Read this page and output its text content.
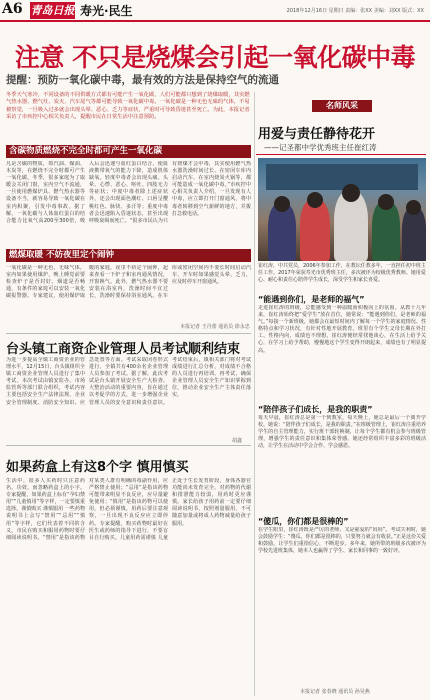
A6 青岛日报 寿光·民生	2018年12月16日 星期日 责编：张XX 美编：刘XX 版式：XX
注意 不只是烧煤会引起一氧化碳中毒
提醒：预防一氧化碳中毒，最有效的方法是保持空气的流通
冬季天气寒冷，不同设备的不同供暖方式都有可能产生一氧化碳，人们可能都只想到了烧煤取暖，其实燃气热水器、燃气灶、炭火、汽车尾气等都可能导致一氧化碳中毒。一氧化碳是一种无色无味的气体，不易被察觉，一旦吸入过多就会出现头晕、恶心、乏力等症状，严重时可导致昏迷甚至死亡。为此，本报记者采访了市疾控中心相关负责人，提醒市民在日常生活中注意预防。
含碳物质燃烧不完全时都可产生一氧化碳
凡是含碳的物质，如汽油、煤油、木炭等，在燃烧不完全时都可产生一氧化碳。冬季，很多家庭为了取暖会关闭门窗，室内空气不流通，一旦使用燃煤炉具、燃气热水器等设备不当，就容易导致一氧化碳在室内积聚，引发中毒事故。据了解，一氧化碳与人体血红蛋白的结合能力比氧气高200至300倍，吸入后会迅速与血红蛋白结合，使血液携带氧气的能力下降，造成机体缺氧。轻度中毒者会出现头痛、头晕、心悸、恶心、呕吐、四肢无力等症状；中度中毒者除上述症状外，还会出现面色潮红、口唇呈樱桃红色、脉快、多汗等；重度中毒者会迅速陷入昏迷状态，甚至出现呼吸衰竭而死亡。“很多市民认为只有烧煤才会中毒，其实使用燃气热水器洗澡时间过长、在密闭车库内启动汽车、在室内烧炭火锅等，都可能造成一氧化碳中毒。”市疾控中心相关负责人介绍，一旦发现有人中毒，应立即打开门窗通风，将中毒者转移到空气新鲜的地方，并拨打急救电话。
燃煤取暖 不妨夜里定个闹钟
一氧化碳是一种无色、无味气体，室内如果使用煤炉，晚上睡觉前要检查炉子是否封好、烟道是否畅通，有条件的家庭可以安装一氧化碳报警器。专家建议，使用煤炉取暖的家庭，夜里不妨定个闹钟，起来查看一下炉子和室内通风情况，开窗换气。此外，燃气热水器不要安装在浴室内，洗澡时间不宜过长，洗澡时要保持浴室通风。在车库或密闭空间内不要长时间启动汽车，开车时如果感觉头晕、乏力，应及时停车开窗通风。
本报记者 王丹蕾 通讯员 徐永忠
台头镇工商资企业管理人员考试顺利结束
为进一步提高全镇工商资企业的管理水平，12月15日，台头镇组织全镇工商资企业管理人员进行了集中考试。本次考试由镇安监办、市场监管所等部门联合组织，考试内容主要包括安全生产法律法规、企业安全管理制度、消防安全知识、应急处置等方面。考试采取闭卷形式进行，全镇共有400余名企业管理人员参加了考试。据了解，此次考试是台头镇开展安全生产大检查、大整治活动的重要内容，旨在通过以考促学的方式，进一步增强企业管理人员的安全意识和责任意识。考试结束后，镇相关部门将对考试成绩进行汇总分析，对成绩不合格的人员进行再培训、再考试，确保企业管理人员安全生产知识掌握到位，推动企业安全生产主体责任落实。
胡鑫
如果药盒上有这8个字 慎用慎买
生活中，很多人买药时只注意药名、功效，而忽略药盒上的小字。专家提醒，如果药盒上标有“孕妇禁用”“儿童慎用”等字样，一定要慎重选择。谨慎购买 谨慎服用 一些药物说明书上会写“禁用”“忌用”“慎用”等字样，它们代表着不同的含义，市民在购买和服用药物时要仔细阅读说明书。“禁用”是指该药物对某类人群有明确的毒副作用，应严格禁止使用；“忌用”是指该药物可能带来明显不良反应，应尽量避免使用；“慎用”是指该药物可以使用，但必须谨慎，用药后要注意观察，一旦出现不良反应应立即停药。专家提醒，购买药物时最好在医生或药师的指导下进行，不要盲目自行购买。儿童用药需谨慎 儿童正处于生长发育阶段，身体各器官功能尚未发育完全，对药物的代谢和排泄能力较弱，用药时更应谨慎。家长给孩子用药前一定要仔细阅读说明书，按照剂量服用，不可随意加量或将成人药物减量给孩子服用。
名师风采
用爱与责任静待花开
——记圣都中学优秀班主任崔红涛
崔红涛，中共党员，2006年参加工作，在教坛任教多年，一直担任初中班主任工作。2017年荣获寿光市优秀班主任，多次被评为校级优秀教师。她用爱心、耐心和责任心陪伴学生成长，深受学生和家长喜爱。
“能遇到你们，是老师的福气”
走进崔红涛的班级，总能感受到一种温暖而积极向上的氛围。从教十几年来，崔红涛始终把“爱学生”放在首位，她常说：“能遇到你们，是老师的福气。”每接一个新班级，她都会在最短时间内了解每一个学生的家庭情况、性格特点和学习状况，有针对性地开展教育。班里有个学生父母长期在外打工，性格内向，成绩也不理想，崔红涛便经常找他谈心，在生活上给予关心，在学习上给予帮助，慢慢地这个学生变得开朗起来，成绩也有了明显提高。
“陪伴孩子们成长，是我的职责”
每天早晨，崔红涛总是第一个到教室，每天晚上，她总是最后一个离开学校。她说：“陪伴孩子们成长，是我的职责。”在班级管理上，崔红涛注重培养学生的自主管理能力，实行班干部轮换制，让每个学生都有机会参与班级管理，增强学生的责任意识和集体荣誉感。她还经常组织丰富多彩的班级活动，让学生在活动中学会合作、学会感恩。
“傻瓜，你们都是很棒的”
在学生眼里，崔红涛既是严厉的老师，又是慈爱的“妈妈”。考试失利时，她会鼓励学生：“傻瓜，你们都是很棒的，只要努力就会有收获。”正是这份关爱和鼓励，让学生们重拾信心，不断进步。多年来，她所带的班级多次被评为学校先进班集体，她本人也赢得了学生、家长和同事的一致好评。
本报记者 张春晓 通讯员 孙昊燕
